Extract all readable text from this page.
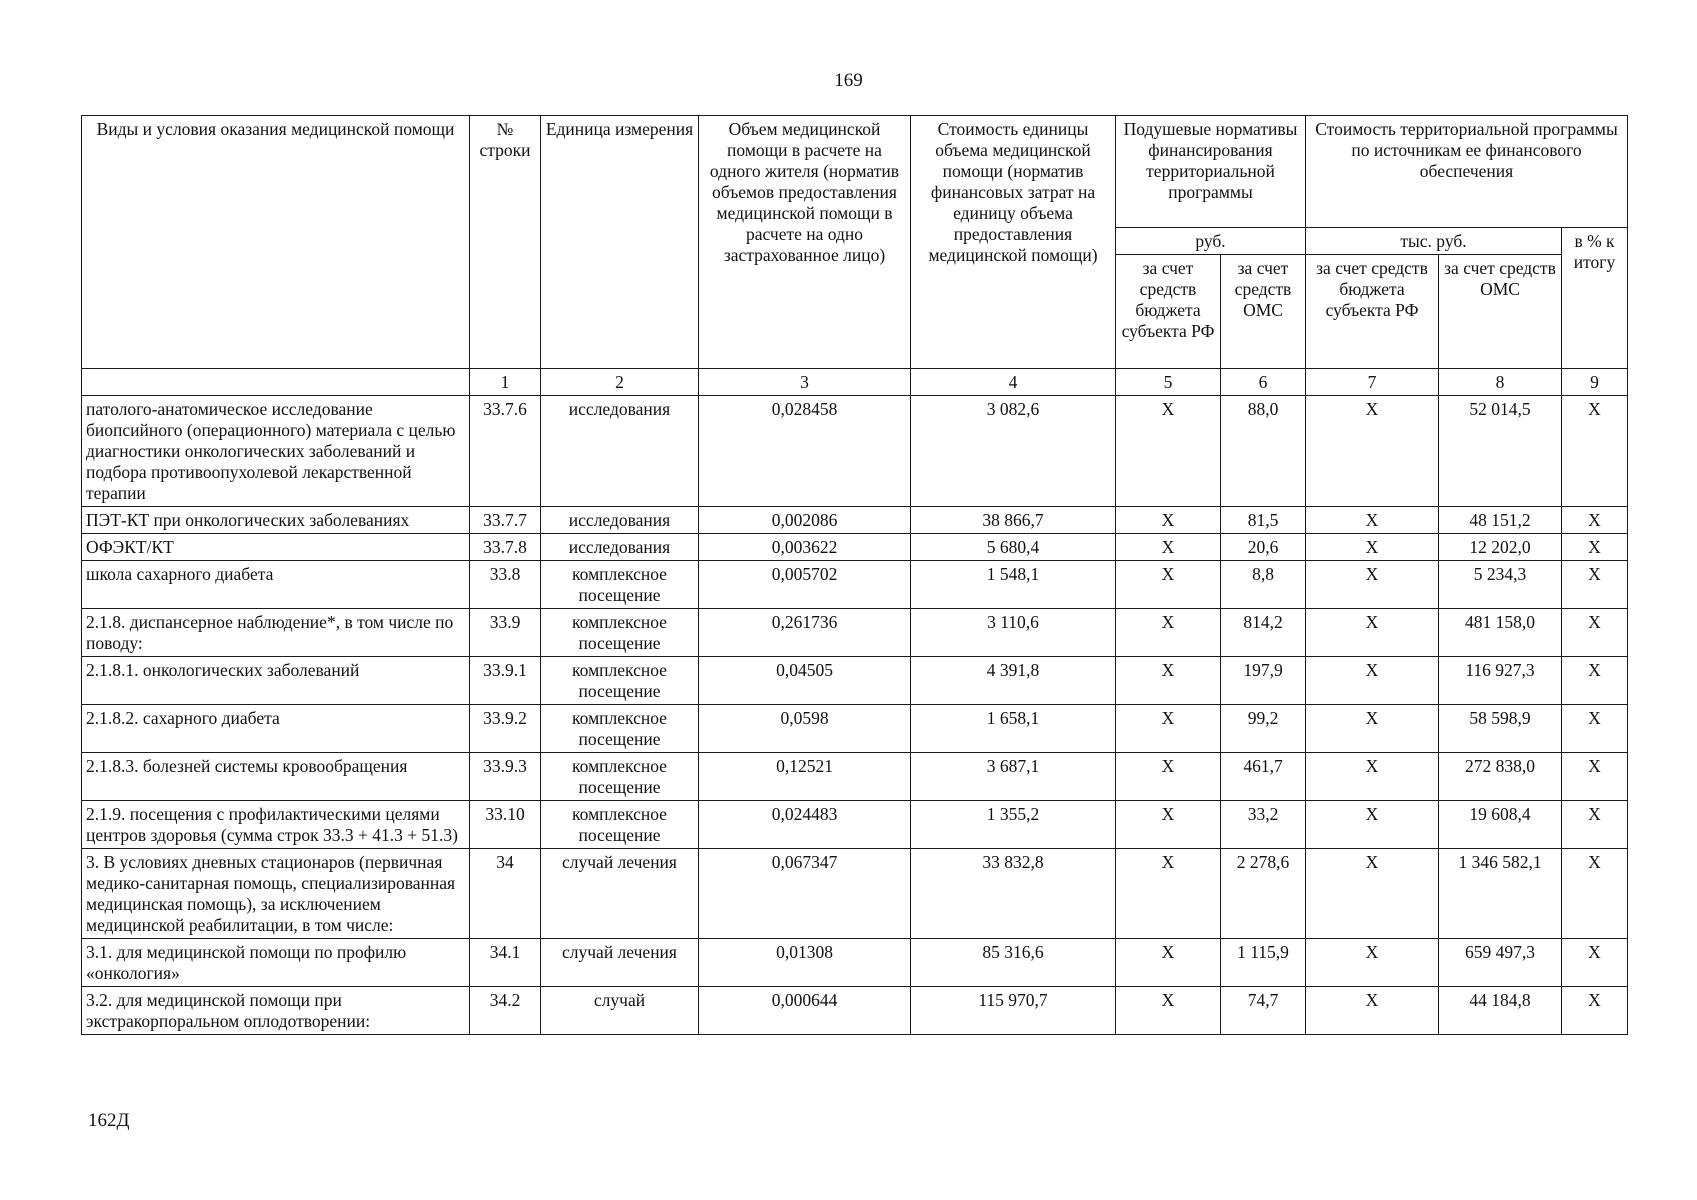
169
Виды и условия оказания медицинской помощи	№ строки	Единица измерения	Объем медицинской помощи в расчете на одного жителя (норматив объемов предоставления медицинской помощи в расчете на одно застрахованное лицо)	Стоимость единицы объема медицинской помощи (норматив финансовых затрат на единицу объема предоставления медицинской помощи)	Подушевые нормативы финансирования территориальной программы		Стоимость территориальной программы по источникам ее финансового обеспечения		
					руб.		тыс. руб.		в % к итогу
					за счет средств бюджета субъекта РФ	за счет средств ОМС	за счет средств бюджета субъекта РФ	за счет средств ОМС	
	1	2	3	4	5	6	7	8	9
патолого-анатомическое исследование биопсийного (операционного) материала с целью диагностики онкологических заболеваний и подбора противоопухолевой лекарственной терапии	33.7.6	исследования	0,028458	3 082,6	X	88,0	X	52 014,5	X
ПЭТ-КТ при онкологических заболеваниях	33.7.7	исследования	0,002086	38 866,7	X	81,5	X	48 151,2	X
ОФЭКТ/КТ	33.7.8	исследования	0,003622	5 680,4	X	20,6	X	12 202,0	X
школа сахарного диабета	33.8	комплексное посещение	0,005702	1 548,1	X	8,8	X	5 234,3	X
2.1.8. диспансерное наблюдение*, в том числе по поводу:	33.9	комплексное посещение	0,261736	3 110,6	X	814,2	X	481 158,0	X
2.1.8.1. онкологических заболеваний	33.9.1	комплексное посещение	0,04505	4 391,8	X	197,9	X	116 927,3	X
2.1.8.2. сахарного диабета	33.9.2	комплексное посещение	0,0598	1 658,1	X	99,2	X	58 598,9	X
2.1.8.3. болезней системы кровообращения	33.9.3	комплексное посещение	0,12521	3 687,1	X	461,7	X	272 838,0	X
2.1.9. посещения с профилактическими целями центров здоровья (сумма строк 33.3 + 41.3 + 51.3)	33.10	комплексное посещение	0,024483	1 355,2	X	33,2	X	19 608,4	X
3. В условиях дневных стационаров (первичная медико-санитарная помощь, специализированная медицинская помощь), за исключением медицинской реабилитации, в том числе:	34	случай лечения	0,067347	33 832,8	X	2 278,6	X	1 346 582,1	X
3.1. для медицинской помощи по профилю «онкология»	34.1	случай лечения	0,01308	85 316,6	X	1 115,9	X	659 497,3	X
3.2. для медицинской помощи при экстракорпоральном оплодотворении:	34.2	случай	0,000644	115 970,7	X	74,7	X	44 184,8	X
162Д
